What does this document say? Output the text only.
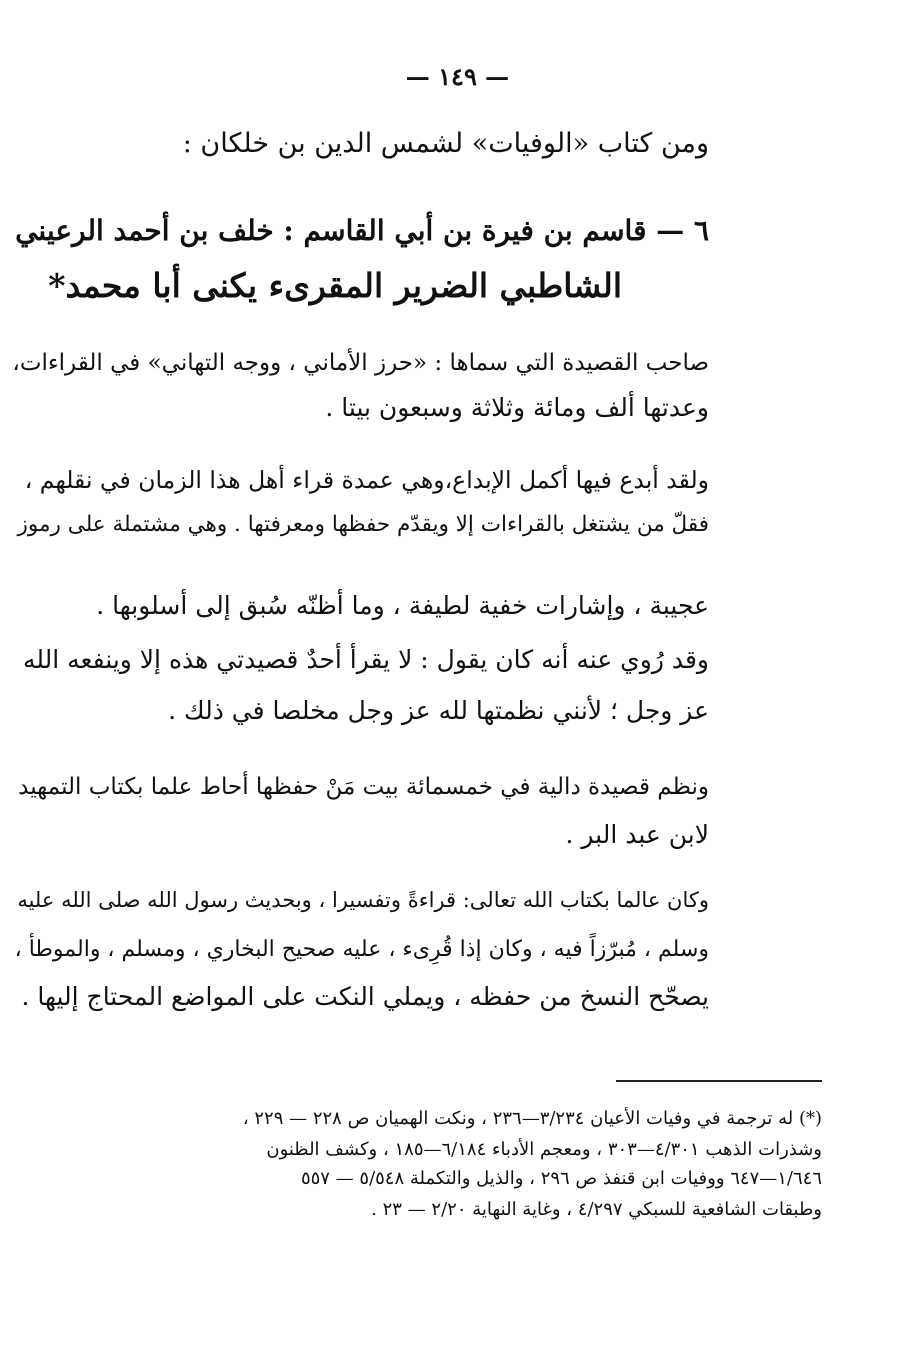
— ١٤٩ —
ومن كتاب «الوفيات» لشمس الدين بن خلكان :
٦ — قاسم بن فيرة بن أبي القاسم : خلف بن أحمد الرعيني
الشاطبي الضرير المقرىء يكنى أبا محمد*
صاحب القصيدة التي سماها : «حرز الأماني ، ووجه التهاني» في القراءات،
وعدتها ألف ومائة وثلاثة وسبعون بيتا .
ولقد أبدع فيها أكمل الإبداع،وهي عمدة قراء أهل هذا الزمان في نقلهم ،
فقلّ من يشتغل بالقراءات إلا ويقدّم حفظها ومعرفتها . وهي مشتملة على رموز
عجيبة ، وإشارات خفية لطيفة ، وما أظنّه سُبق إلى أسلوبها .
وقد رُوي عنه أنه كان يقول : لا يقرأ أحدٌ قصيدتي هذه إلا وينفعه الله
عز وجل ؛ لأنني نظمتها لله عز وجل مخلصا في ذلك .
ونظم قصيدة دالية في خمسمائة بيت مَنْ حفظها أحاط علما بكتاب التمهيد
لابن عبد البر .
وكان عالما بكتاب الله تعالى: قراءةً وتفسيرا ، وبحديث رسول الله صلى الله عليه
وسلم ، مُبرّزاً فيه ، وكان إذا قُرِىء ، عليه صحيح البخاري ، ومسلم ، والموطأ ،
يصحّح النسخ من حفظه ، ويملي النكت على المواضع المحتاج إليها .
(*) له ترجمة في وفيات الأعيان ٣/٢٣٤—٢٣٦ ، ونكت الهميان ص ٢٢٨ — ٢٢٩ ،
وشذرات الذهب ٤/٣٠١—٣٠٣ ، ومعجم الأدباء ٦/١٨٤—١٨٥ ، وكشف الظنون
١/٦٤٦—٦٤٧ ووفيات ابن قنفذ ص ٢٩٦ ، والذيل والتكملة ٥/٥٤٨ — ٥٥٧
وطبقات الشافعية للسبكي ٤/٢٩٧ ، وغاية النهاية ٢/٢٠ — ٢٣ .
